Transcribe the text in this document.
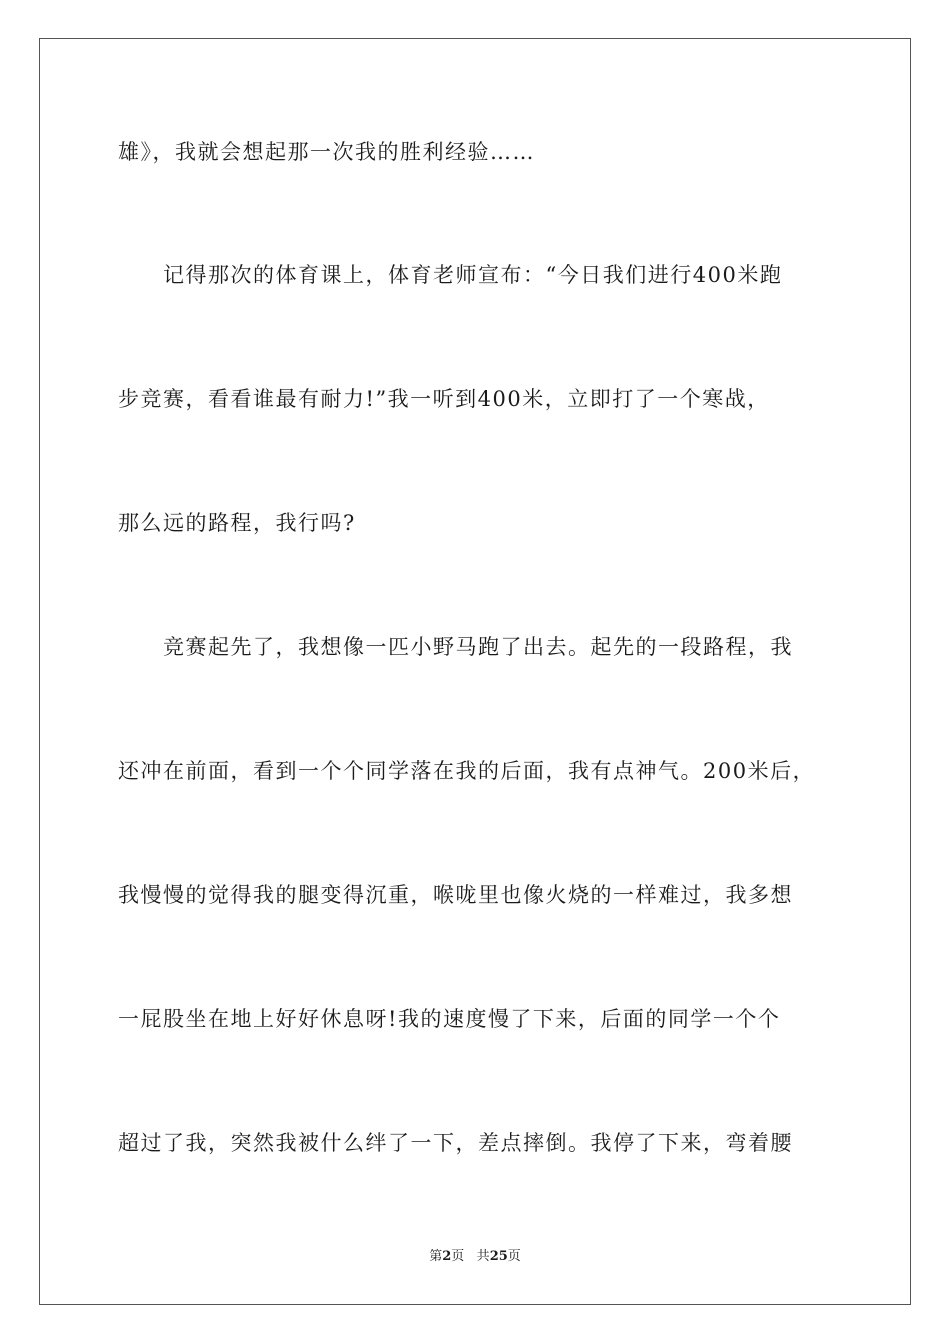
雄》，我就会想起那一次我的胜利经验……

　　记得那次的体育课上，体育老师宣布：“今日我们进行400米跑

步竞赛，看看谁最有耐力!”我一听到400米，立即打了一个寒战，

那么远的路程，我行吗?

　　竞赛起先了，我想像一匹小野马跑了出去。起先的一段路程，我

还冲在前面，看到一个个同学落在我的后面，我有点神气。200米后，

我慢慢的觉得我的腿变得沉重，喉咙里也像火烧的一样难过，我多想

一屁股坐在地上好好休息呀!我的速度慢了下来，后面的同学一个个

超过了我，突然我被什么绊了一下，差点摔倒。我停了下来，弯着腰

第2页 共25页
